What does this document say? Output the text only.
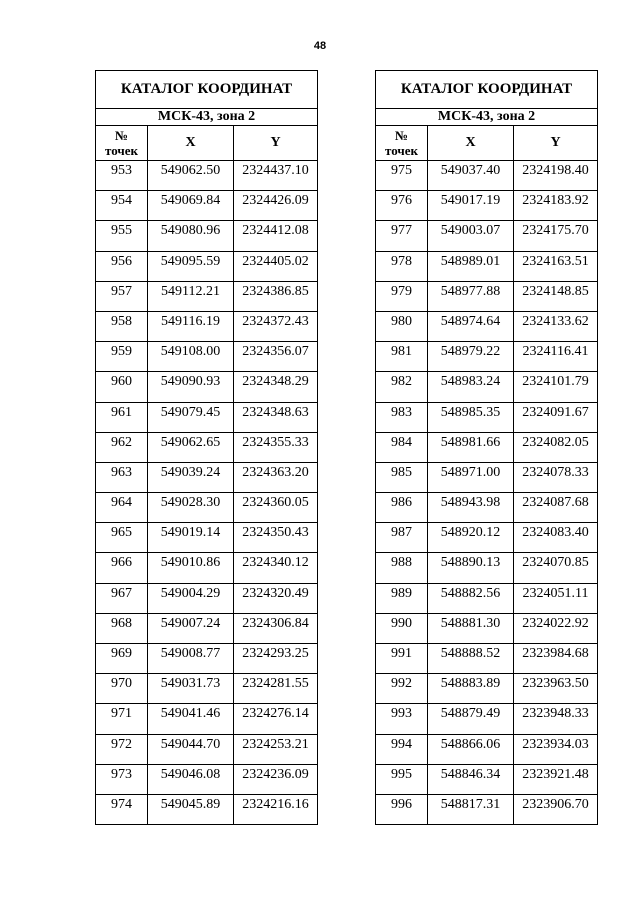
48
КАТАЛОГ КООРДИНАТ		
МСК-43, зона 2		

№
точек	X	Y
953	549062.50	2324437.10
954	549069.84	2324426.09
955	549080.96	2324412.08
956	549095.59	2324405.02
957	549112.21	2324386.85
958	549116.19	2324372.43
959	549108.00	2324356.07
960	549090.93	2324348.29
961	549079.45	2324348.63
962	549062.65	2324355.33
963	549039.24	2324363.20
964	549028.30	2324360.05
965	549019.14	2324350.43
966	549010.86	2324340.12
967	549004.29	2324320.49
968	549007.24	2324306.84
969	549008.77	2324293.25
970	549031.73	2324281.55
971	549041.46	2324276.14
972	549044.70	2324253.21
973	549046.08	2324236.09
974	549045.89	2324216.16
КАТАЛОГ КООРДИНАТ		
МСК-43, зона 2		

№
точек	X	Y
975	549037.40	2324198.40
976	549017.19	2324183.92
977	549003.07	2324175.70
978	548989.01	2324163.51
979	548977.88	2324148.85
980	548974.64	2324133.62
981	548979.22	2324116.41
982	548983.24	2324101.79
983	548985.35	2324091.67
984	548981.66	2324082.05
985	548971.00	2324078.33
986	548943.98	2324087.68
987	548920.12	2324083.40
988	548890.13	2324070.85
989	548882.56	2324051.11
990	548881.30	2324022.92
991	548888.52	2323984.68
992	548883.89	2323963.50
993	548879.49	2323948.33
994	548866.06	2323934.03
995	548846.34	2323921.48
996	548817.31	2323906.70
